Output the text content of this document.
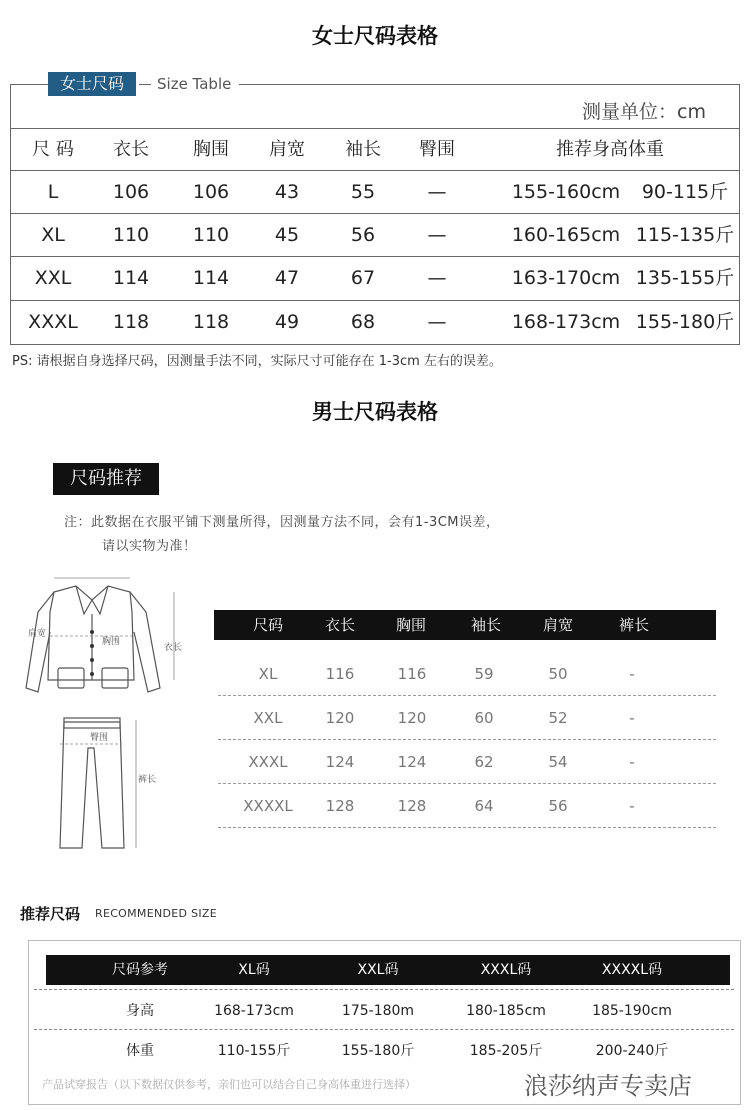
女士尺码表格
女士尺码	Size Table
测量单位：cm
尺 码	衣长	胸围	肩宽	袖长	臀围	推荐身高体重
L	106	106	43	55	—	155-160cm	90-115斤
XL	110	110	45	56	—	160-165cm 115-135斤
XXL	114	114	47	67	—	163-170cm 135-155斤
XXXL	118	118	49	68	—	168-173cm 155-180斤
PS: 请根据自身选择尺码，因测量手法不同，实际尺寸可能存在 1-3cm 左右的误差。
男士尺码表格
尺码推荐
注：此数据在衣服平铺下测量所得，因测量方法不同，会有1-3CM误差，
请以实物为准！
肩宽
胸围
衣长
臀围
裤长
尺码	衣长	胸围	袖长	肩宽	裤长
XL	116	116	59	50	-
XXL	120	120	60	52	-
XXXL	124	124	62	54	-
XXXXL	128	128	64	56	-
推荐尺码 RECOMMENDED SIZE
尺码参考	XL码	XXL码	XXXL码	XXXXL码
身高	168-173cm	175-180m	180-185cm	185-190cm
体重	110-155斤	155-180斤	185-205斤	200-240斤
产品试穿报告（以下数据仅供参考，亲们也可以结合自己身高体重进行选择）	浪莎纳声专卖店
